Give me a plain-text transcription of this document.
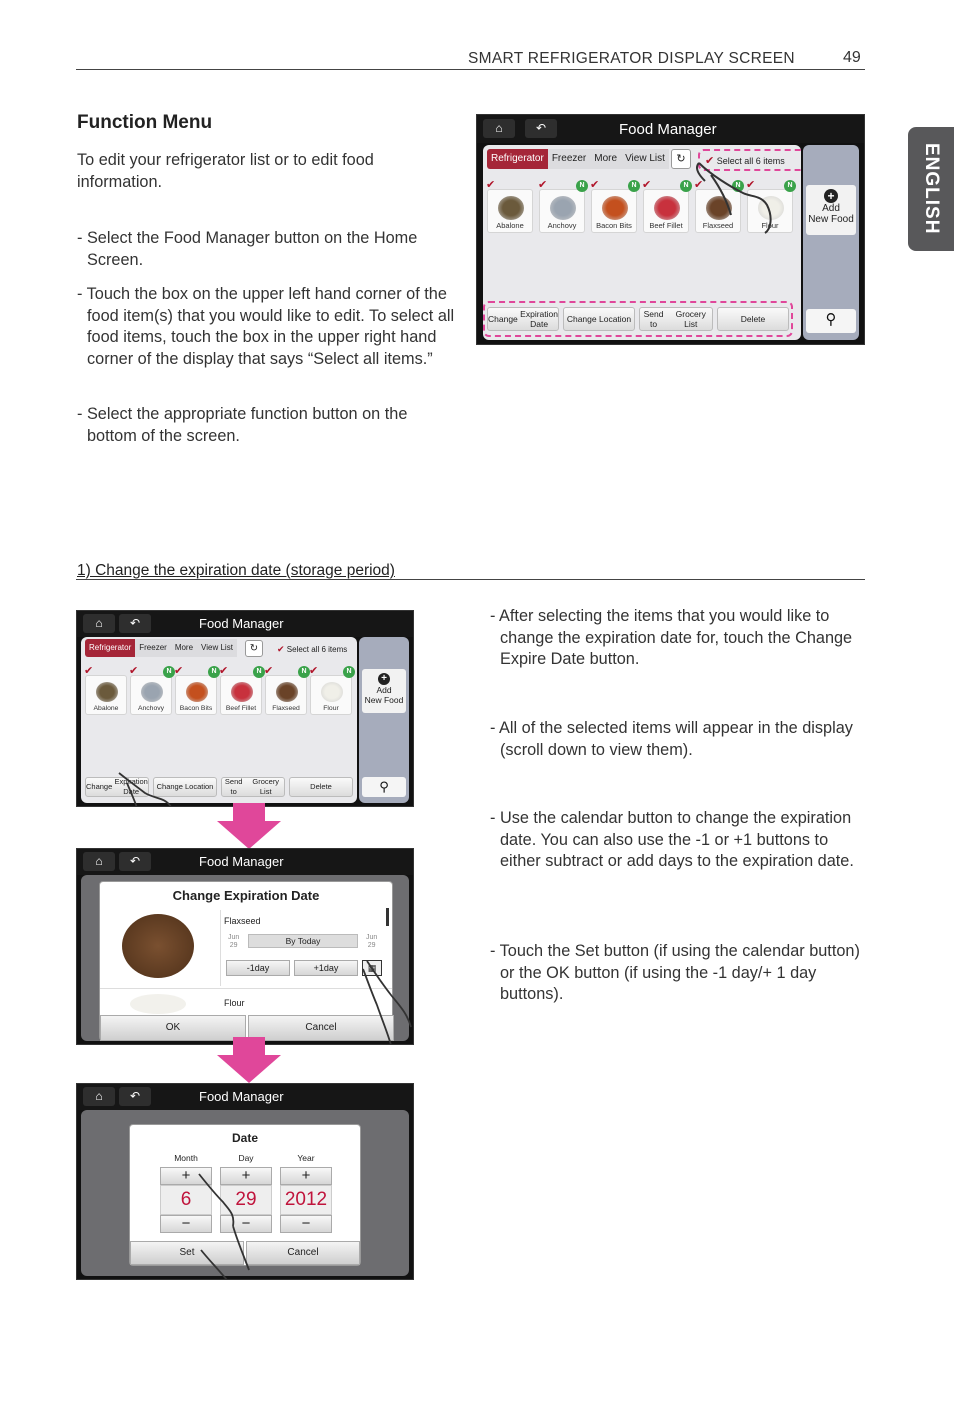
SMART REFRIGERATOR DISPLAY SCREEN	49
ENGLISH
Function Menu
To edit your refrigerator list or to edit food information.
- Select the Food Manager button on the Home Screen.
- Touch the box on the upper left hand corner of the food item(s) that you would like to edit. To select all food items, touch the box in the upper right hand corner of the display that says “Select all items.”
- Select the appropriate function button on the bottom of the screen.
⌂	↶	Food Manager
Refrigerator Freezer More View List	↻	✔ Select all 6 items
Abalone
✔
Anchovy
✔	N
Bacon Bits
✔	N
Beef Fillet
✔	N
Flaxseed
✔	N
Flour
✔	N
Change
Expiration Date	Change
Location	Send to

Grocery List	Delete
+
Add
New Food
⚲
1) Change the expiration date (storage period)
⌂	↶	Food Manager
Refrigerator	Freezer	More	View List	↻	✔ Select all 6 items
Abalone
✔
Anchovy
✔	N
Bacon Bits
✔	N
Beef Fillet
✔	N
Flaxseed
✔	N
Flour
✔	N
Change

Expiration Date
Change
Location
Send to

Grocery List
Delete
+
Add
New Food
⚲
⌂	↶	Food Manager
Change Expiration Date
Flaxseed
Jun
29	By Today	Jun
29
-1day	+1day	▦
Flour
OK	Cancel
⌂	↶	Food Manager
Date
Month	Day	Year
+	+	+
6	29	2012
−	−	−
Set	Cancel
- After selecting the items that you would like to change the expiration date for, touch the Change Expire Date button.
- All of the selected items will appear in the display (scroll down to view them).
- Use the calendar button to change the expiration date. You can also use the -1 or +1 buttons to either subtract or add days to the expiration date.
- Touch the Set button (if using the calendar button) or the OK button (if using the -1 day/+ 1 day buttons).
